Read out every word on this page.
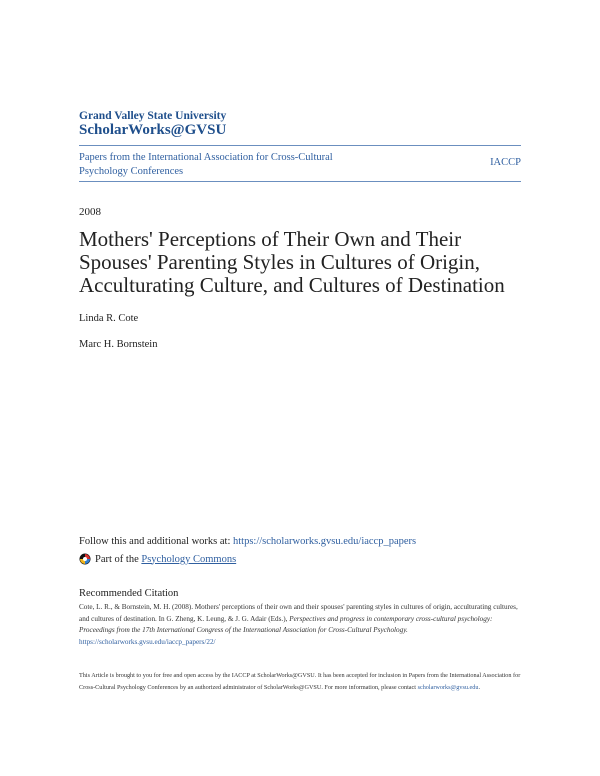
Grand Valley State University
ScholarWorks@GVSU
Papers from the International Association for Cross-Cultural Psychology Conferences
IACCP
2008
Mothers' Perceptions of Their Own and Their Spouses' Parenting Styles in Cultures of Origin, Acculturating Culture, and Cultures of Destination
Linda R. Cote
Marc H. Bornstein
Follow this and additional works at: https://scholarworks.gvsu.edu/iaccp_papers
Part of the
Psychology Commons
Recommended Citation
Cote, L. R., & Bornstein, M. H. (2008). Mothers' perceptions of their own and their spouses' parenting styles in cultures of origin, acculturating cultures, and cultures of destination. In G. Zheng, K. Leung, & J. G. Adair (Eds.), Perspectives and progress in contemporary cross-cultural psychology: Proceedings from the 17th International Congress of the International Association for Cross-Cultural Psychology. https://scholarworks.gvsu.edu/iaccp_papers/22/
This Article is brought to you for free and open access by the IACCP at ScholarWorks@GVSU. It has been accepted for inclusion in Papers from the International Association for Cross-Cultural Psychology Conferences by an authorized administrator of ScholarWorks@GVSU. For more information, please contact scholarworks@gvsu.edu.
